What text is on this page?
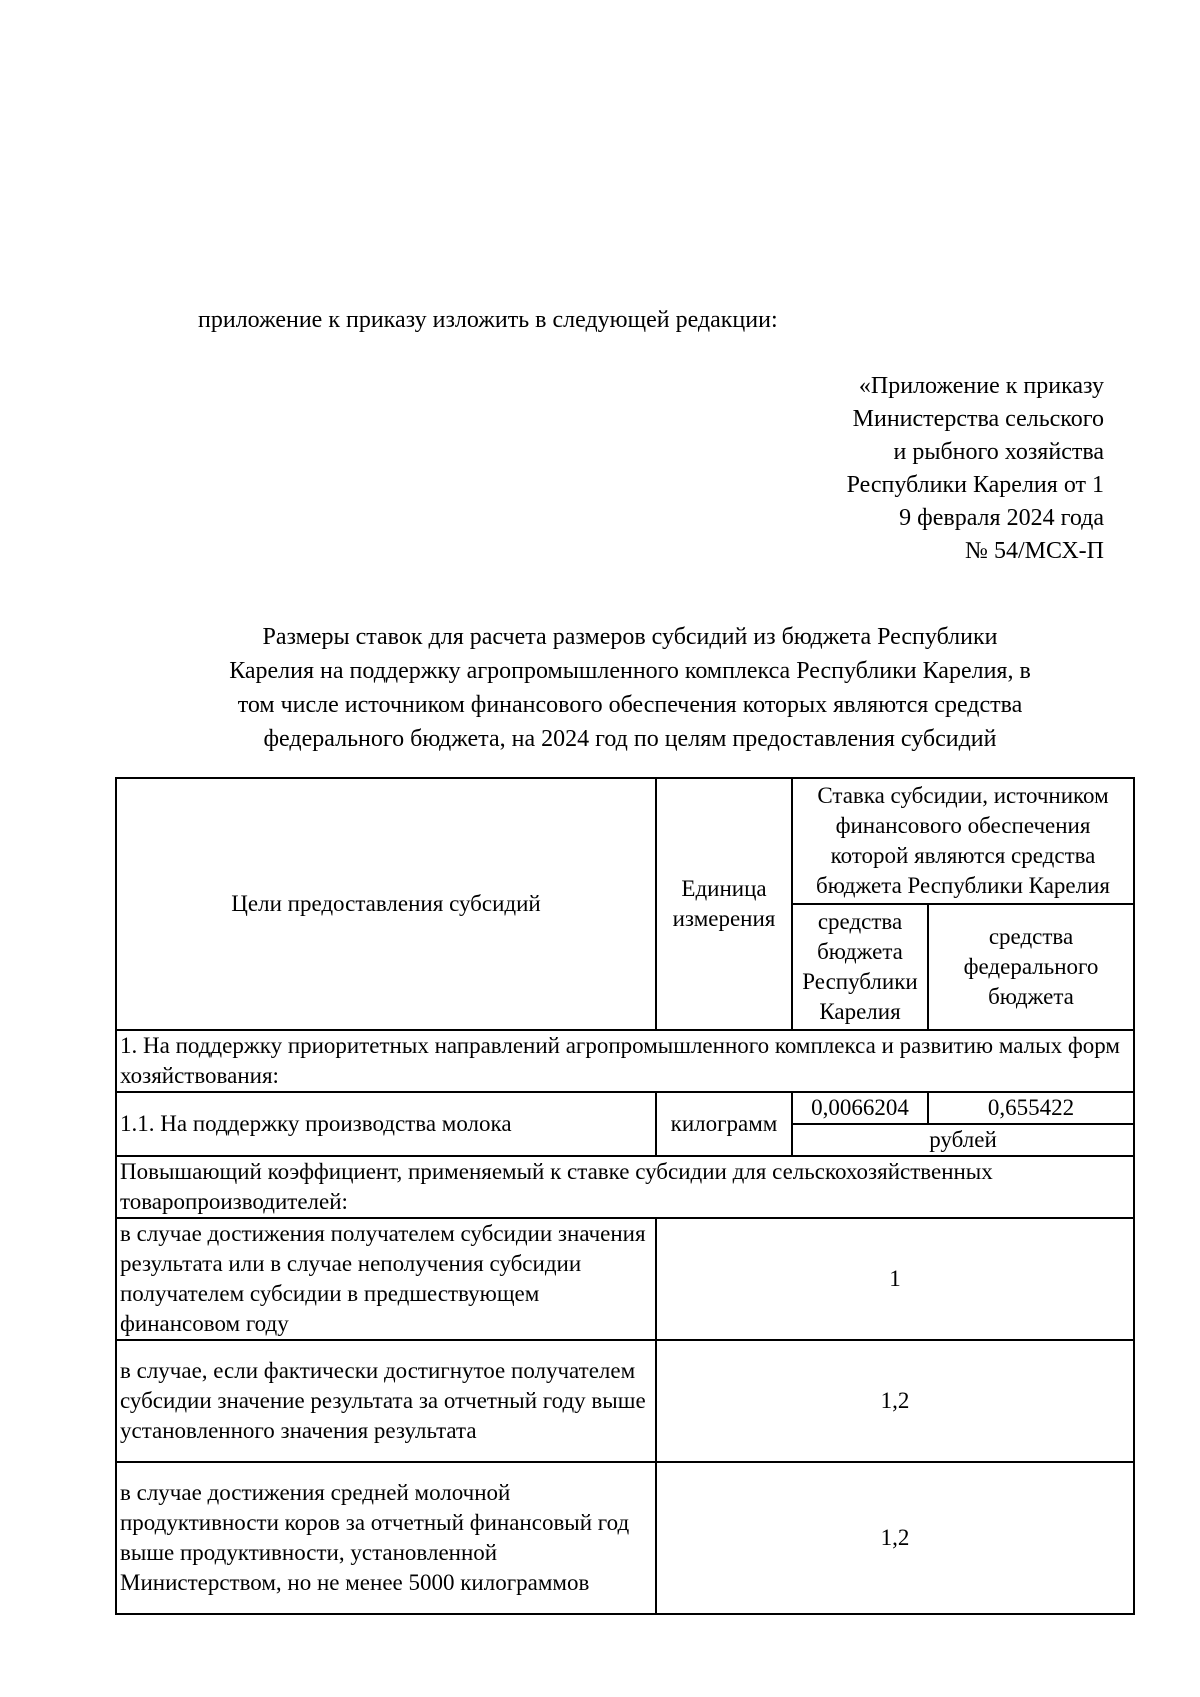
приложение к приказу изложить в следующей редакции:
«Приложение к приказу
Министерства сельского
и рыбного хозяйства
Республики Карелия от 1
9 февраля 2024 года
№ 54/МСХ-П
Размеры ставок для расчета размеров субсидий из бюджета Республики
Карелия на поддержку агропромышленного комплекса Республики Карелия, в
том числе источником финансового обеспечения которых являются средства
федерального бюджета, на 2024 год по целям предоставления субсидий
Цели предоставления субсидий	Единица измерения	Ставка субсидии, источником финансового обеспечения которой являются средства бюджета Республики Карелия	
		средства бюджета Республики Карелия	средства федерального бюджета
1. На поддержку приоритетных направлений агропромышленного комплекса и развитию малых форм хозяйствования:			
1.1. На поддержку производства молока	килограмм	0,0066204	0,655422
		рублей	
Повышающий коэффициент, применяемый к ставке субсидии для сельскохозяйственных товаропроизводителей:			
в случае достижения получателем субсидии значения результата или в случае неполучения субсидии получателем субсидии в предшествующем финансовом году	1		
в случае, если фактически достигнутое получателем субсидии значение результата за отчетный году выше установленного значения результата	1,2		
в случае достижения средней молочной продуктивности коров за отчетный финансовый год выше продуктивности, установленной Министерством, но не менее 5000 килограммов	1,2		
